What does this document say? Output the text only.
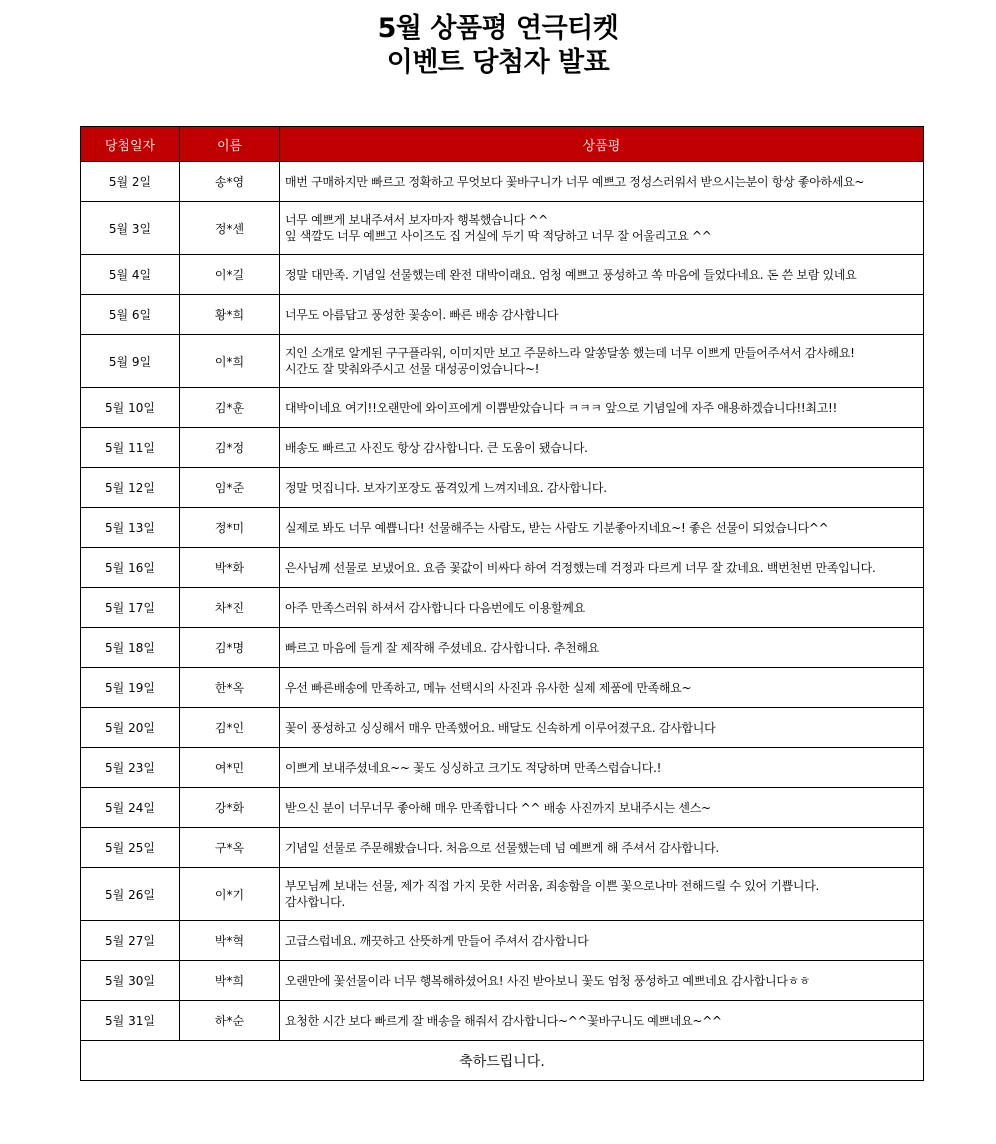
5월 상품평 연극티켓
이벤트 당첨자 발표
당첨일자	이름	상품평
5월 2일	송*영	매번 구매하지만 빠르고 정확하고 무엇보다 꽃바구니가 너무 예쁘고 정성스러워서 받으시는분이 항상 좋아하세요~
5월 3일	정*센	너무 예쁘게 보내주셔서 보자마자 행복했습니다 ^^
잎 색깔도 너무 예쁘고 사이즈도 집 거실에 두기 딱 적당하고 너무 잘 어울리고요 ^^
5월 4일	이*길	정말 대만족. 기념일 선물했는데 완전 대박이래요. 엄청 예쁘고 풍성하고 쏙 마음에 들었다네요. 돈 쓴 보람 있네요
5월 6일	황*희	너무도 아름답고 풍성한 꽃송이. 빠른 배송 감사합니다
5월 9일	이*희	지인 소개로 알게된 구구플라워, 이미지만 보고 주문하느라 알쏭달쏭 했는데 너무 이쁘게 만들어주셔서 감사해요!
시간도 잘 맞춰와주시고 선물 대성공이었습니다~!
5월 10일	김*훈	대박이네요 여기!!오랜만에 와이프에게 이쁨받았습니다 ㅋㅋㅋ 앞으로 기념일에 자주 애용하겠습니다!!최고!!
5월 11일	김*정	배송도 빠르고 사진도 항상 감사합니다. 큰 도움이 됐습니다.
5월 12일	임*준	정말 멋집니다. 보자기포장도 품격있게 느껴지네요. 감사합니다.
5월 13일	정*미	실제로 봐도 너무 예쁩니다! 선물해주는 사람도, 받는 사람도 기분좋아지네요~! 좋은 선물이 되었습니다^^
5월 16일	박*화	은사님께 선물로 보냈어요. 요즘 꽃값이 비싸다 하여 걱정했는데 걱정과 다르게 너무 잘 갔네요. 백번천번 만족입니다.
5월 17일	차*진	아주 만족스러워 하셔서 감사합니다 다음번에도 이용할께요
5월 18일	김*명	빠르고 마음에 들게 잘 제작해 주셨네요. 감사합니다. 추천해요
5월 19일	한*옥	우선 빠른배송에 만족하고, 메뉴 선택시의 사진과 유사한 실제 제품에 만족해요~
5월 20일	김*인	꽃이 풍성하고 싱싱해서 매우 만족했어요. 배달도 신속하게 이루어졌구요. 감사합니다
5월 23일	여*민	이쁘게 보내주셨네요~~ 꽃도 싱싱하고 크기도 적당하며 만족스럽습니다.!
5월 24일	강*화	받으신 분이 너무너무 좋아해 매우 만족합니다 ^^ 배송 사진까지 보내주시는 센스~
5월 25일	구*옥	기념일 선물로 주문해봤습니다. 처음으로 선물했는데 넘 예쁘게 해 주셔서 감사합니다.
5월 26일	이*기	부모님께 보내는 선물, 제가 직접 가지 못한 서러움, 죄송함을 이쁜 꽃으로나마 전해드릴 수 있어 기쁩니다.
감사합니다.
5월 27일	박*혁	고급스럽네요. 깨끗하고 산뜻하게 만들어 주셔서 감사합니다
5월 30일	박*희	오랜만에 꽃선물이라 너무 행복해하셨어요! 사진 받아보니 꽃도 엄청 풍성하고 예쁘네요 감사합니다ㅎㅎ
5월 31일	하*순	요청한 시간 보다 빠르게 잘 배송을 해줘서 감사합니다~^^꽃바구니도 예쁘네요~^^
축하드립니다.		
